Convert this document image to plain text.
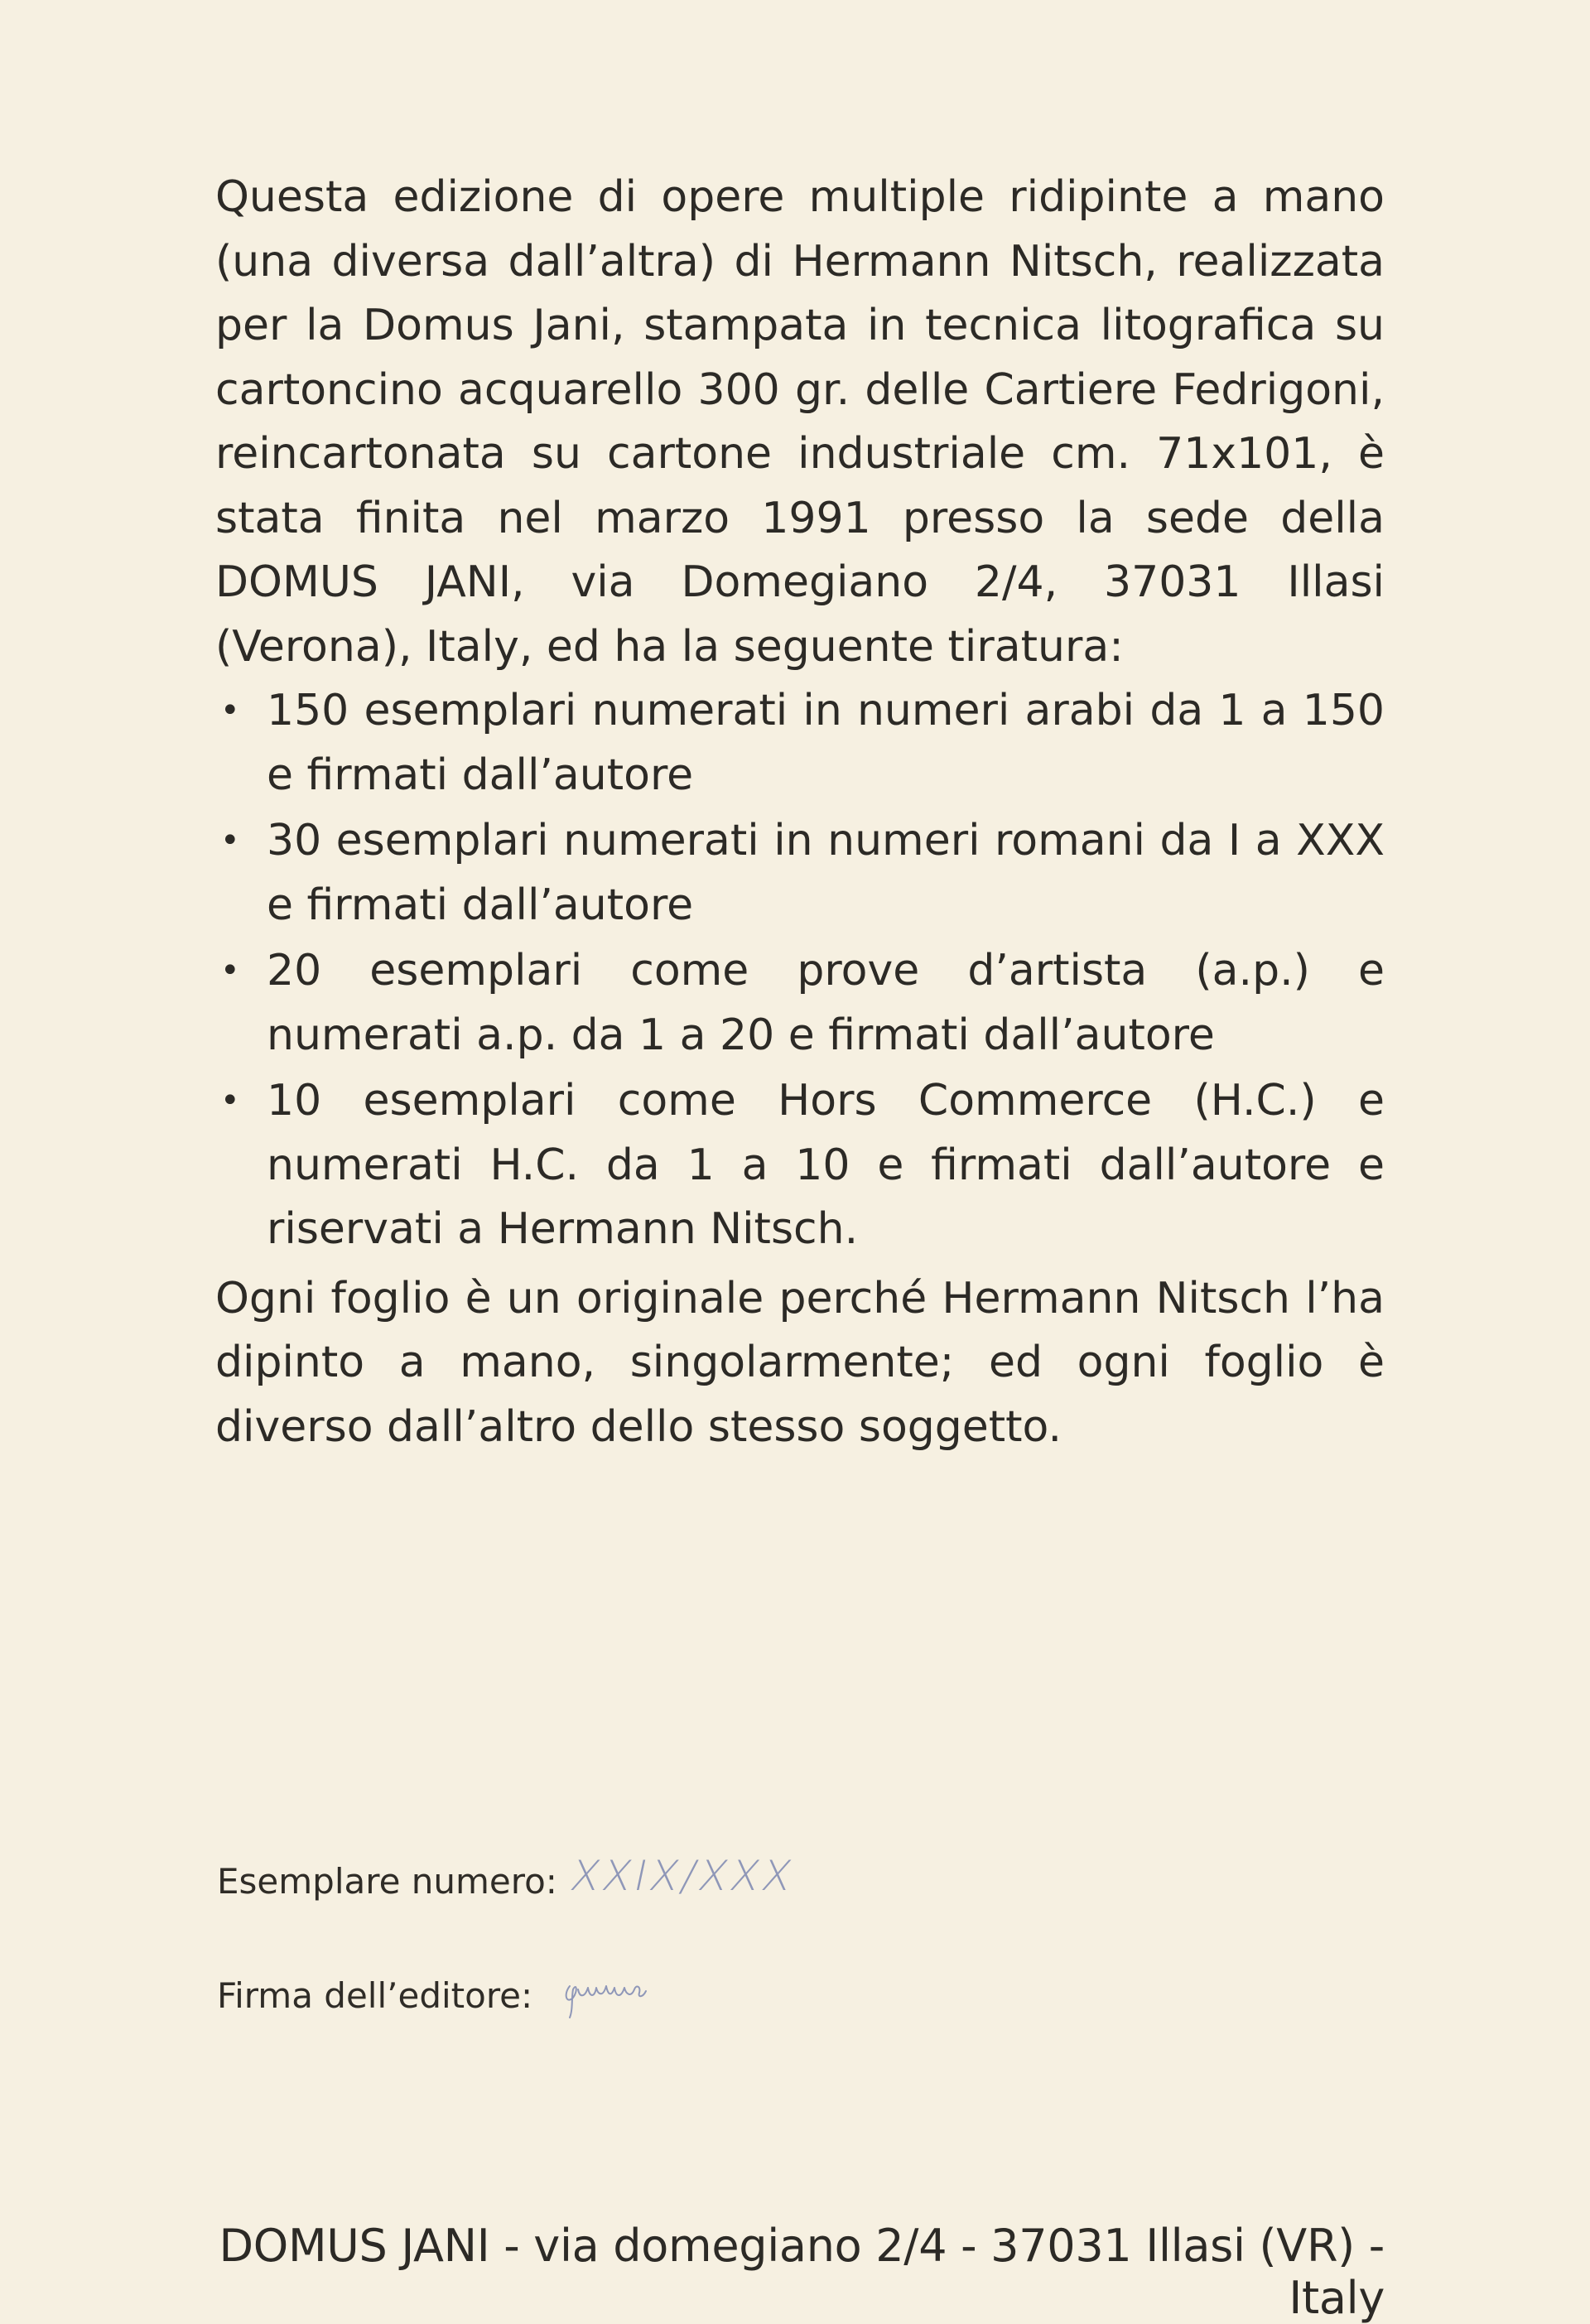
Questa edizione di opere multiple ridipinte a mano (una diversa dall’altra) di Hermann Nitsch, realizzata per la Domus Jani, stampata in tecnica litografica su cartoncino acquarello 300 gr. delle Cartiere Fedrigoni, reincartonata su cartone industriale cm. 71x101, è stata finita nel marzo 1991 presso la sede della DOMUS JANI, via Domegiano 2/4, 37031 Illasi (Verona), Italy, ed ha la seguente tiratura:

• 150 esemplari numerati in numeri arabi da 1 a 150 e firmati dall’autore
• 30 esemplari numerati in numeri romani da I a XXX e firmati dall’autore
• 20 esemplari come prove d’artista (a.p.) e numerati a.p. da 1 a 20 e firmati dall’autore
• 10 esemplari come Hors Commerce (H.C.) e numerati H.C. da 1 a 10 e firmati dall’autore e riservati a Hermann Nitsch.

Ogni foglio è un originale perché Hermann Nitsch l’ha dipinto a mano, singolarmente; ed ogni foglio è diverso dall’altro dello stesso soggetto.

Esemplare numero: XXIX/XXX
Firma dell’editore:
DOMUS JANI - via domegiano 2/4 - 37031 Illasi (VR) - Italy
